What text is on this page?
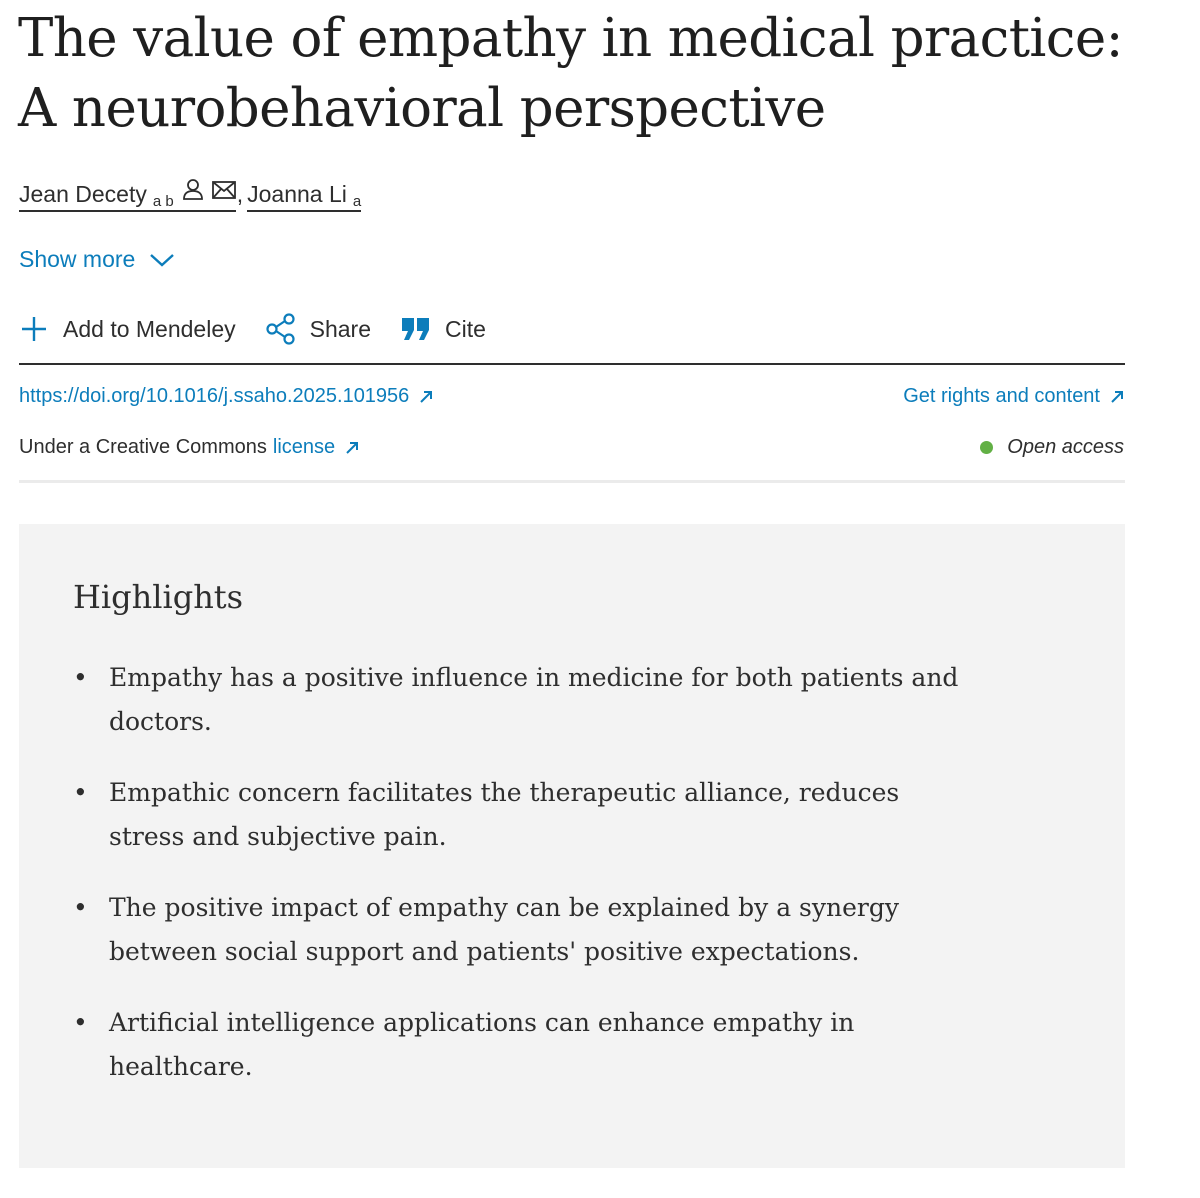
The value of empathy in medical practice: A neurobehavioral perspective
Jean Decety $^{a b}$	, Joanna Li $^a$
Show more
Add to Mendeley	Share	Cite
https://doi.org/10.1016/j.ssaho.2025.101956	Get rights and content
Under a Creative Commons license	Open access
Highlights
• Empathy has a positive influence in medicine for both patients and doctors.
• Empathic concern facilitates the therapeutic alliance, reduces stress and subjective pain.
• The positive impact of empathy can be explained by a synergy between social support and patients' positive expectations.
• Artificial intelligence applications can enhance empathy in healthcare.
